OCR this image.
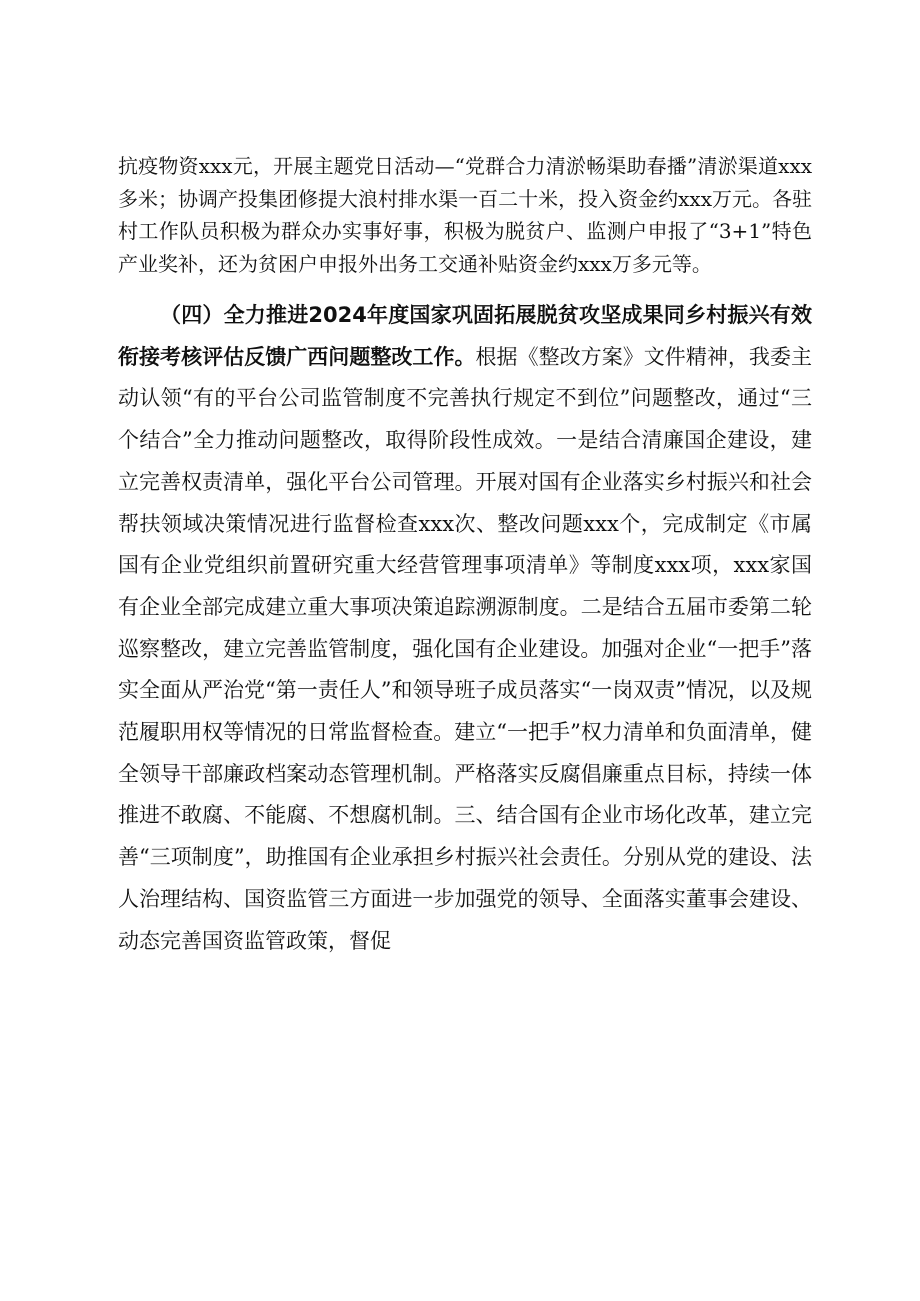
抗疫物资xxx元，开展主题党日活动—“党群合力清淤畅渠助春播”清淤渠道xxx多米；协调产投集团修提大浪村排水渠一百二十米，投入资金约xxx万元。各驻村工作队员积极为群众办实事好事，积极为脱贫户、监测户申报了“3+1”特色产业奖补，还为贫困户申报外出务工交通补贴资金约xxx万多元等。

（四）全力推进2024年度国家巩固拓展脱贫攻坚成果同乡村振兴有效衔接考核评估反馈广西问题整改工作。根据《整改方案》文件精神，我委主动认领“有的平台公司监管制度不完善执行规定不到位”问题整改，通过“三个结合”全力推动问题整改，取得阶段性成效。一是结合清廉国企建设，建立完善权责清单，强化平台公司管理。开展对国有企业落实乡村振兴和社会帮扶领域决策情况进行监督检查xxx次、整改问题xxx个，完成制定《市属国有企业党组织前置研究重大经营管理事项清单》等制度xxx项，xxx家国有企业全部完成建立重大事项决策追踪溯源制度。二是结合五届市委第二轮巡察整改，建立完善监管制度，强化国有企业建设。加强对企业“一把手”落实全面从严治党“第一责任人”和领导班子成员落实“一岗双责”情况，以及规范履职用权等情况的日常监督检查。建立“一把手”权力清单和负面清单，健全领导干部廉政档案动态管理机制。严格落实反腐倡廉重点目标，持续一体推进不敢腐、不能腐、不想腐机制。三、结合国有企业市场化改革，建立完善“三项制度”，助推国有企业承担乡村振兴社会责任。分别从党的建设、法人治理结构、国资监管三方面进一步加强党的领导、全面落实董事会建设、动态完善国资监管政策，督促
